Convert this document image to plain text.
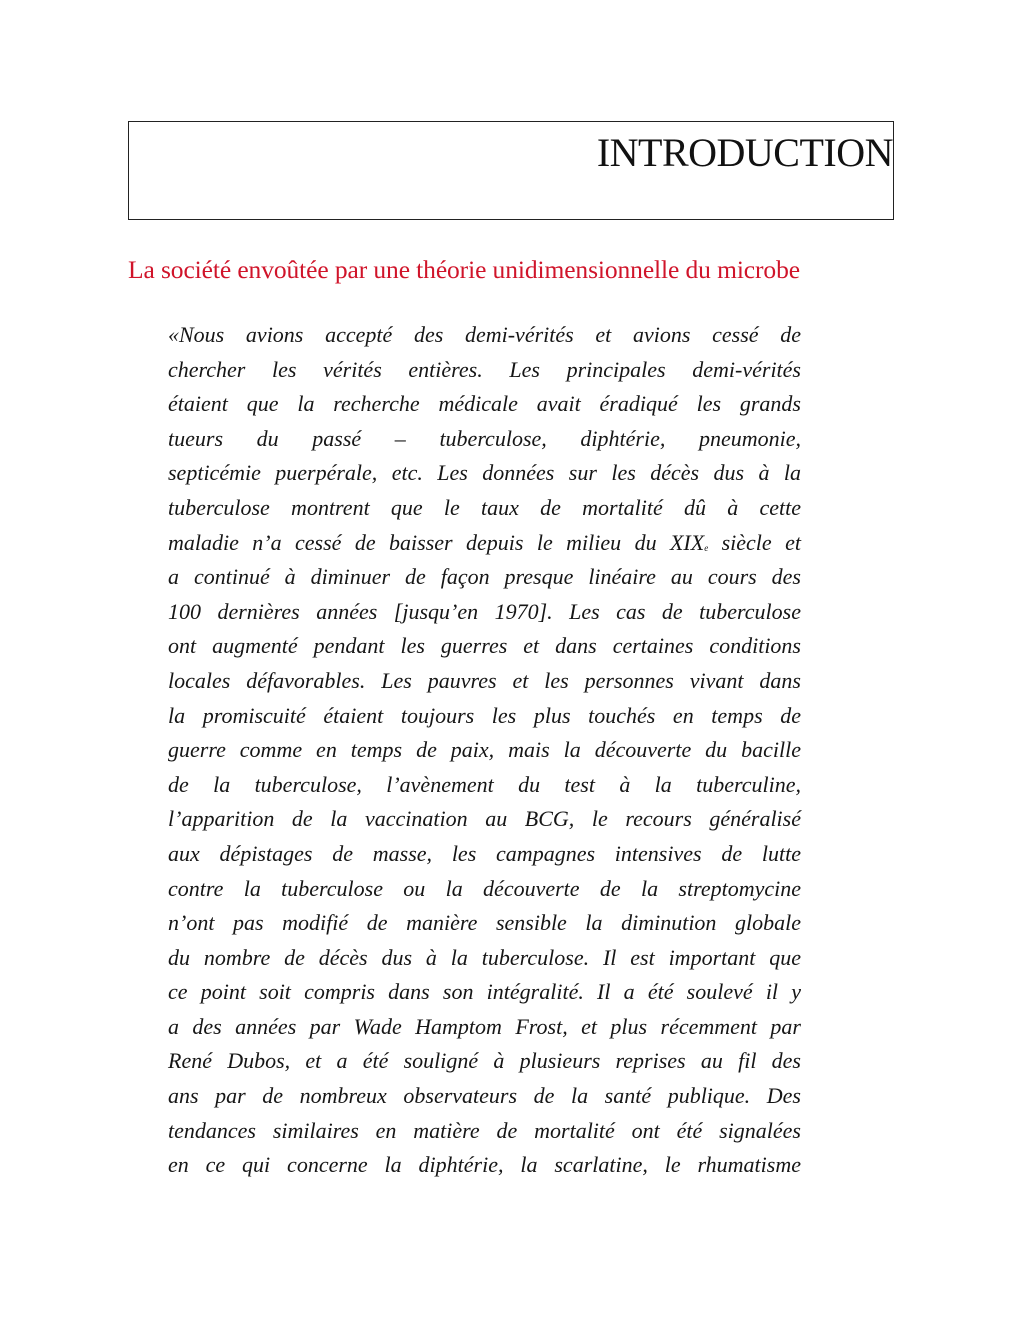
INTRODUCTION
La société envoûtée par une théorie unidimensionnelle du microbe
«Nous avions accepté des demi-vérités et avions cessé de
chercher les vérités entières. Les principales demi-vérités
étaient que la recherche médicale avait éradiqué les grands
tueurs du passé – tuberculose, diphtérie, pneumonie,
septicémie puerpérale, etc. Les données sur les décès dus à la
tuberculose montrent que le taux de mortalité dû à cette
maladie n’a cessé de baisser depuis le milieu du XIXe siècle et
a continué à diminuer de façon presque linéaire au cours des
100 dernières années [jusqu’en 1970]. Les cas de tuberculose
ont augmenté pendant les guerres et dans certaines conditions
locales défavorables. Les pauvres et les personnes vivant dans
la promiscuité étaient toujours les plus touchés en temps de
guerre comme en temps de paix, mais la découverte du bacille
de la tuberculose, l’avènement du test à la tuberculine,
l’apparition de la vaccination au BCG, le recours généralisé
aux dépistages de masse, les campagnes intensives de lutte
contre la tuberculose ou la découverte de la streptomycine
n’ont pas modifié de manière sensible la diminution globale
du nombre de décès dus à la tuberculose. Il est important que
ce point soit compris dans son intégralité. Il a été soulevé il y
a des années par Wade Hamptom Frost, et plus récemment par
René Dubos, et a été souligné à plusieurs reprises au fil des
ans par de nombreux observateurs de la santé publique. Des
tendances similaires en matière de mortalité ont été signalées
en ce qui concerne la diphtérie, la scarlatine, le rhumatisme
